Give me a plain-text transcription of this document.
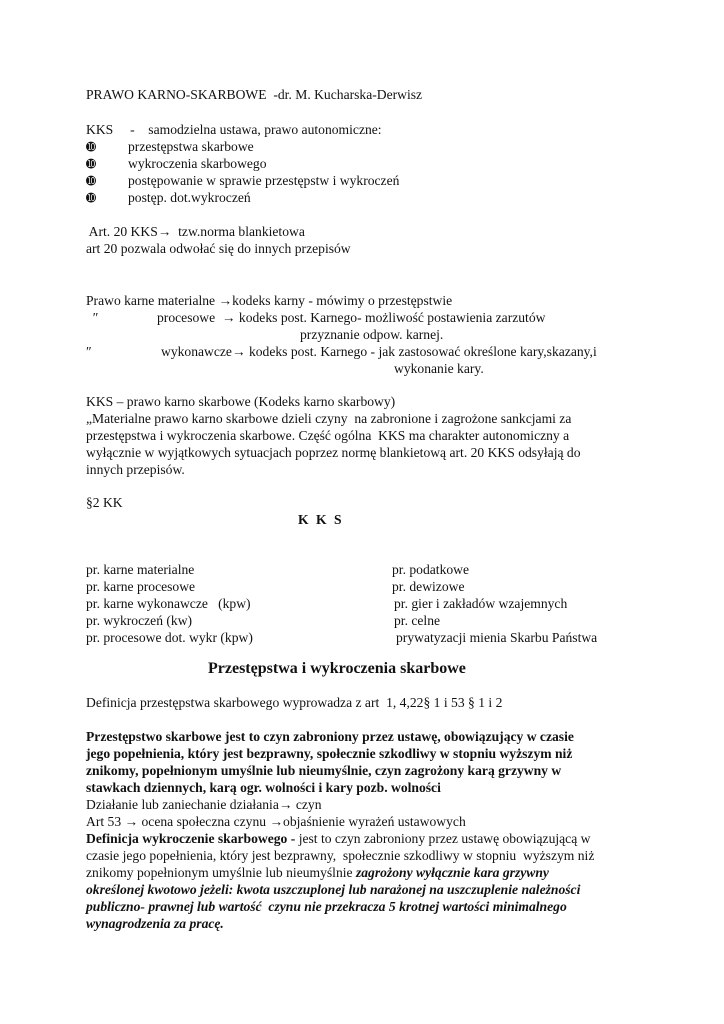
PRAWO KARNO-SKARBOWE  -dr. M. Kucharska-Derwisz
KKS     -    samodzielna ustawa, prawo autonomiczne:
➓ przestępstwa skarbowe
➓ wykroczenia skarbowego
➓ postępowanie w sprawie przestępstw i wykroczeń
➓ postęp. dot.wykroczeń
Art. 20 KKS→  tzw.norma blankietowa
art 20 pozwala odwołać się do innych przepisów
Prawo karne materialne →kodeks karny - mówimy o przestępstwie
″	procesowe  → kodeks post. Karnego- możliwość postawienia zarzutów
przyznanie odpow. karnej.
″	wykonawcze→ kodeks post. Karnego - jak zastosować określone kary,skazany,i
wykonanie kary.
KKS – prawo karno skarbowe (Kodeks karno skarbowy)
„Materialne prawo karno skarbowe dzieli czyny  na zabronione i zagrożone sankcjami za
przestępstwa i wykroczenia skarbowe. Część ogólna  KKS ma charakter autonomiczny a
wyłącznie w wyjątkowych sytuacjach poprzez normę blankietową art. 20 KKS odsyłają do
innych przepisów.
§2 KK
K K S
pr. karne materialne
pr. karne procesowe
pr. karne wykonawcze   (kpw)
pr. wykroczeń (kw)
pr. procesowe dot. wykr (kpw)
pr. podatkowe
pr. dewizowe
pr. gier i zakładów wzajemnych
pr. celne
prywatyzacji mienia Skarbu Państwa
Przestępstwa i wykroczenia skarbowe
Definicja przestępstwa skarbowego wyprowadza z art  1, 4,22§ 1 i 53 § 1 i 2
Przestępstwo skarbowe jest to czyn zabroniony przez ustawę, obowiązujący w czasie
jego popełnienia, który jest bezprawny, społecznie szkodliwy w stopniu wyższym niż
znikomy, popełnionym umyślnie lub nieumyślnie, czyn zagrożony karą grzywny w
stawkach dziennych, karą ogr. wolności i kary pozb. wolności
Działanie lub zaniechanie działania→ czyn
Art 53 → ocena społeczna czynu →objaśnienie wyrażeń ustawowych
Definicja wykroczenie skarbowego - jest to czyn zabroniony przez ustawę obowiązującą w
czasie jego popełnienia, który jest bezprawny,  społecznie szkodliwy w stopniu  wyższym niż
znikomy popełnionym umyślnie lub nieumyślnie zagrożony wyłącznie kara grzywny
określonej kwotowo jeżeli: kwota uszczuplonej lub narażonej na uszczuplenie należności
publiczno- prawnej lub wartość  czynu nie przekracza 5 krotnej wartości minimalnego
wynagrodzenia za pracę.
